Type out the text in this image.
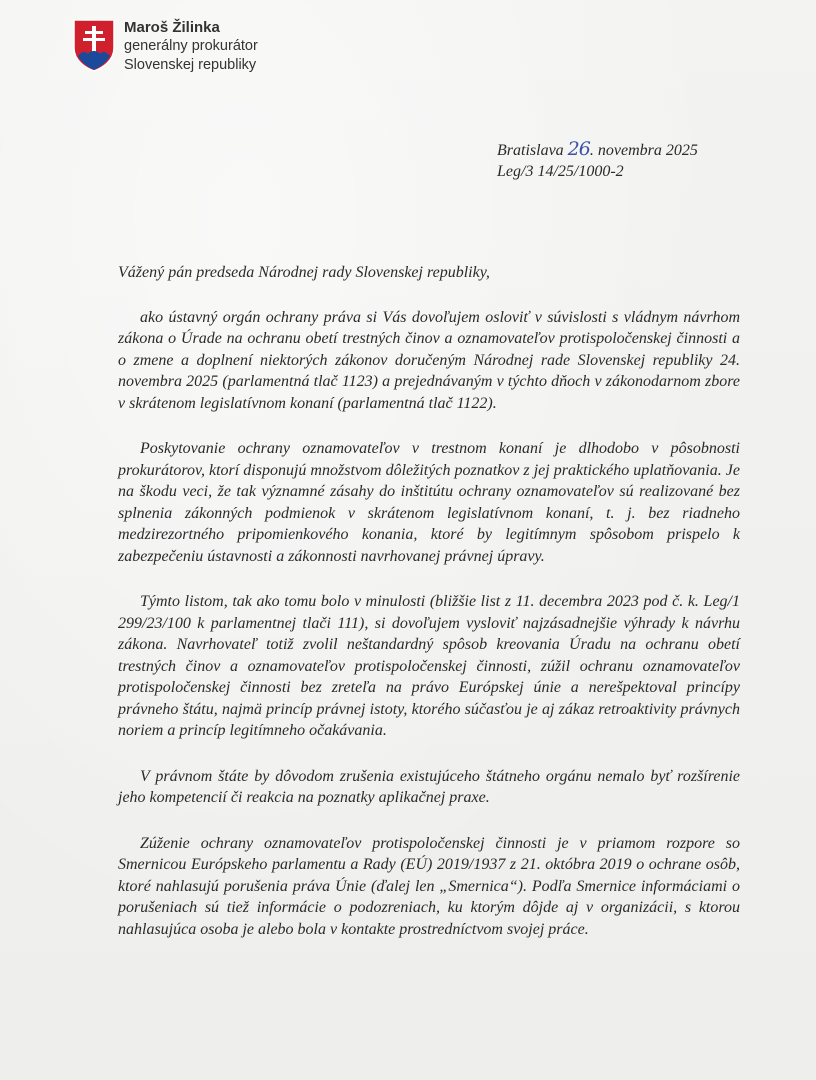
Maroš Žilinka
generálny prokurátor
Slovenskej republiky
Bratislava 26. novembra 2025
Leg/3 14/25/1000-2

Vážený pán predseda Národnej rady Slovenskej republiky,

ako ústavný orgán ochrany práva si Vás dovoľujem osloviť v súvislosti s vládnym návrhom zákona o Úrade na ochranu obetí trestných činov a oznamovateľov protispoločenskej činnosti a o zmene a doplnení niektorých zákonov doručeným Národnej rade Slovenskej republiky 24. novembra 2025 (parlamentná tlač 1123) a prejednávaným v týchto dňoch v zákonodarnom zbore v skrátenom legislatívnom konaní (parlamentná tlač 1122).

Poskytovanie ochrany oznamovateľov v trestnom konaní je dlhodobo v pôsobnosti prokurátorov, ktorí disponujú množstvom dôležitých poznatkov z jej praktického uplatňovania. Je na škodu veci, že tak významné zásahy do inštitútu ochrany oznamovateľov sú realizované bez splnenia zákonných podmienok v skrátenom legislatívnom konaní, t. j. bez riadneho medzirezortného pripomienkového konania, ktoré by legitímnym spôsobom prispelo k zabezpečeniu ústavnosti a zákonnosti navrhovanej právnej úpravy.

Týmto listom, tak ako tomu bolo v minulosti (bližšie list z 11. decembra 2023 pod č. k. Leg/1 299/23/100 k parlamentnej tlači 111), si dovoľujem vysloviť najzásadnejšie výhrady k návrhu zákona. Navrhovateľ totiž zvolil neštandardný spôsob kreovania Úradu na ochranu obetí trestných činov a oznamovateľov protispoločenskej činnosti, zúžil ochranu oznamovateľov protispoločenskej činnosti bez zreteľa na právo Európskej únie a nerešpektoval princípy právneho štátu, najmä princíp právnej istoty, ktorého súčasťou je aj zákaz retroaktivity právnych noriem a princíp legitímneho očakávania.

V právnom štáte by dôvodom zrušenia existujúceho štátneho orgánu nemalo byť rozšírenie jeho kompetencií či reakcia na poznatky aplikačnej praxe.

Zúženie ochrany oznamovateľov protispoločenskej činnosti je v priamom rozpore so Smernicou Európskeho parlamentu a Rady (EÚ) 2019/1937 z 21. októbra 2019 o ochrane osôb, ktoré nahlasujú porušenia práva Únie (ďalej len „Smernica“). Podľa Smernice informáciami o porušeniach sú tiež informácie o podozreniach, ku ktorým dôjde aj v organizácii, s ktorou nahlasujúca osoba je alebo bola v kontakte prostredníctvom svojej práce.
